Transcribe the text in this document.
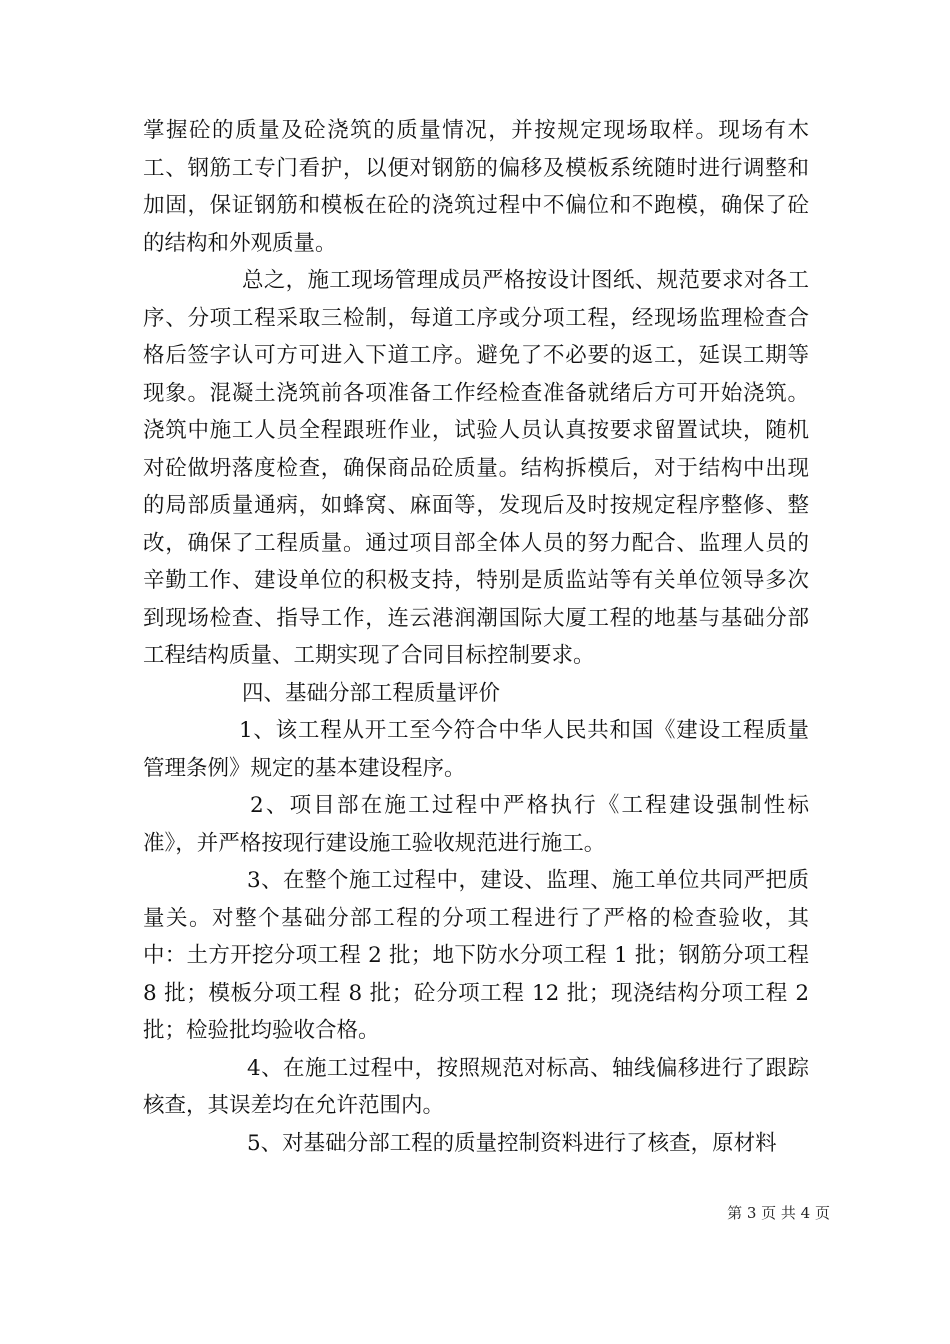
掌握砼的质量及砼浇筑的质量情况，并按规定现场取样。现场有木工、钢筋工专门看护，以便对钢筋的偏移及模板系统随时进行调整和加固，保证钢筋和模板在砼的浇筑过程中不偏位和不跑模，确保了砼的结构和外观质量。

总之，施工现场管理成员严格按设计图纸、规范要求对各工序、分项工程采取三检制，每道工序或分项工程，经现场监理检查合格后签字认可方可进入下道工序。避免了不必要的返工，延误工期等现象。混凝土浇筑前各项准备工作经检查准备就绪后方可开始浇筑。浇筑中施工人员全程跟班作业，试验人员认真按要求留置试块，随机对砼做坍落度检查，确保商品砼质量。结构拆模后，对于结构中出现的局部质量通病，如蜂窝、麻面等，发现后及时按规定程序整修、整改，确保了工程质量。通过项目部全体人员的努力配合、监理人员的辛勤工作、建设单位的积极支持，特别是质监站等有关单位领导多次到现场检查、指导工作，连云港润潮国际大厦工程的地基与基础分部工程结构质量、工期实现了合同目标控制要求。

四、基础分部工程质量评价

1、该工程从开工至今符合中华人民共和国《建设工程质量管理条例》规定的基本建设程序。

2、项目部在施工过程中严格执行《工程建设强制性标准》，并严格按现行建设施工验收规范进行施工。

3、在整个施工过程中，建设、监理、施工单位共同严把质量关。对整个基础分部工程的分项工程进行了严格的检查验收，其中：土方开挖分项工程 2 批；地下防水分项工程 1 批；钢筋分项工程 8 批；模板分项工程 8 批；砼分项工程 12 批；现浇结构分项工程 2 批；检验批均验收合格。

4、在施工过程中，按照规范对标高、轴线偏移进行了跟踪核查，其误差均在允许范围内。

5、对基础分部工程的质量控制资料进行了核查，原材料

第 3 页 共 4 页
